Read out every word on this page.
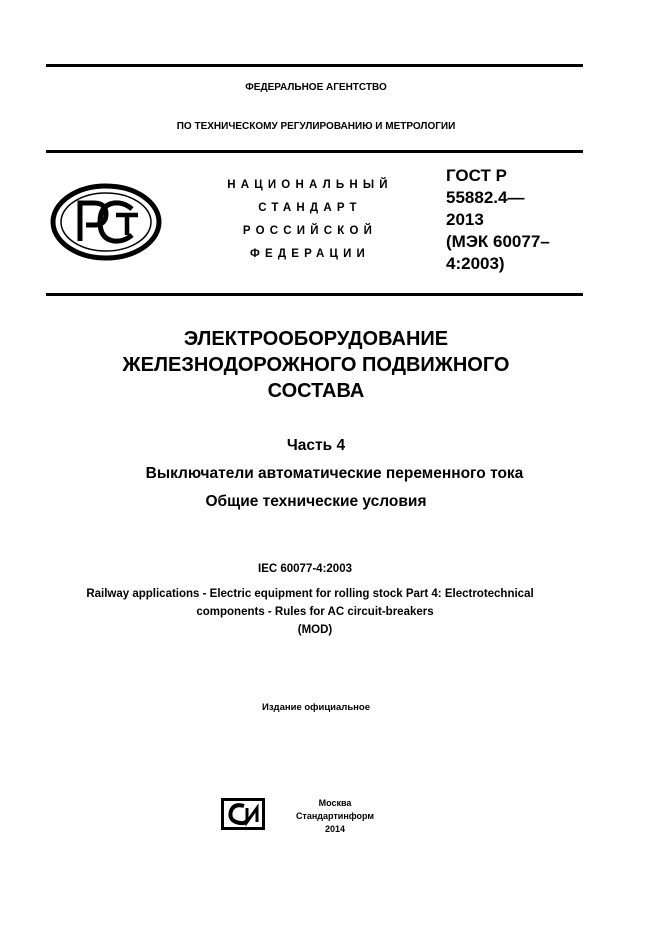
ФЕДЕРАЛЬНОЕ АГЕНТСТВО
ПО ТЕХНИЧЕСКОМУ РЕГУЛИРОВАНИЮ И МЕТРОЛОГИИ
НАЦИОНАЛЬНЫЙ
СТАНДАРТ
РОССИЙСКОЙ
ФЕДЕРАЦИИ
ГОСТ Р
55882.4—
2013
(МЭК 60077–
4:2003)
ЭЛЕКТРООБОРУДОВАНИЕ
ЖЕЛЕЗНОДОРОЖНОГО ПОДВИЖНОГО
СОСТАВА
Часть 4
Выключатели автоматические переменного тока
Общие технические условия
IEC 60077-4:2003
Railway applications - Electric equipment for rolling stock Part 4: Electrotechnical
components - Rules for AC circuit-breakers
(MOD)
Издание официальное
Москва
Стандартинформ
2014
